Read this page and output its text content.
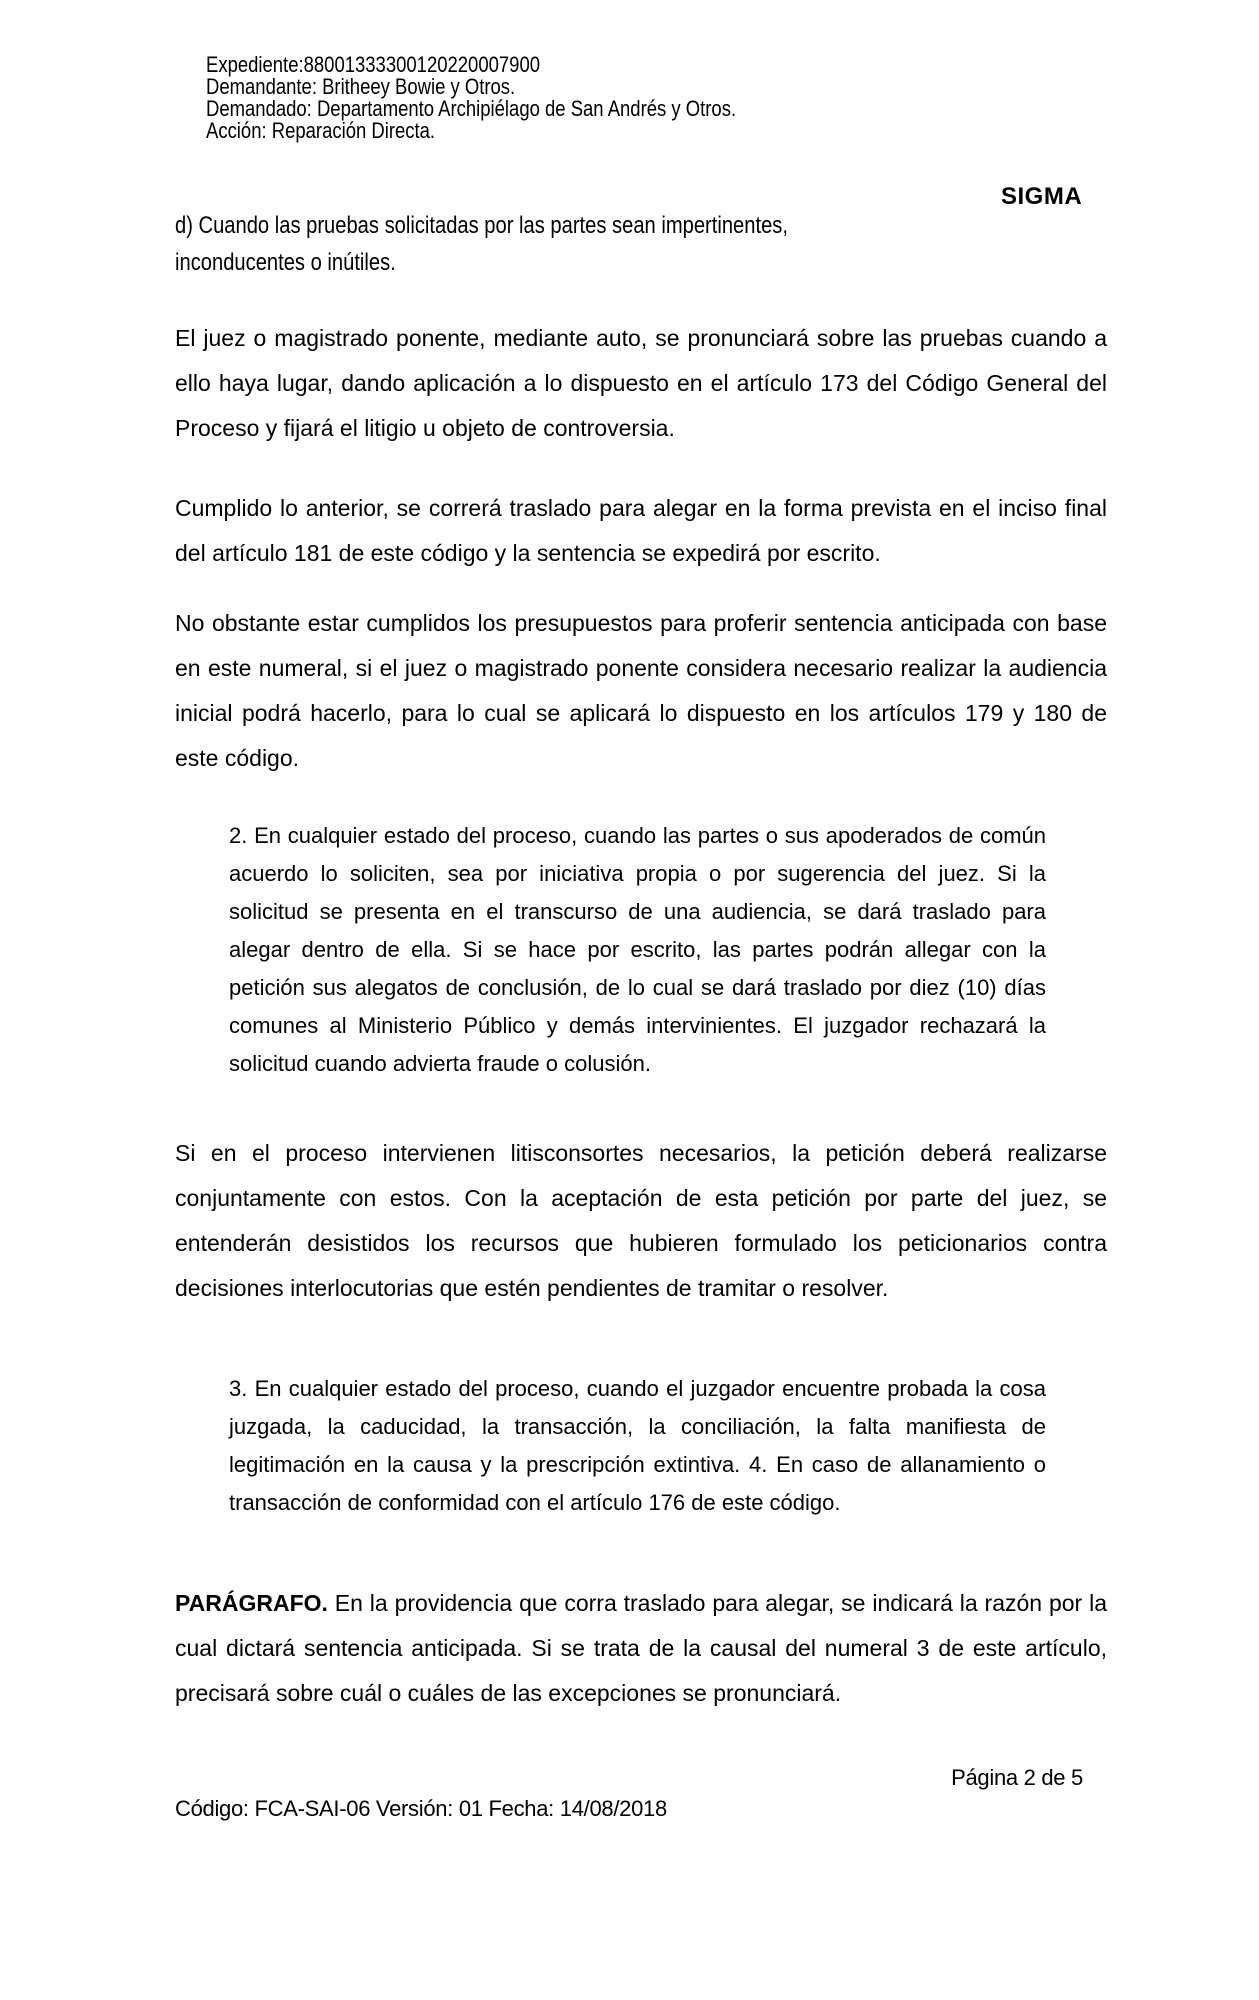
Expediente:88001333300120220007900
Demandante: Britheey Bowie y Otros.
Demandado: Departamento Archipiélago de San Andrés y Otros.
Acción: Reparación Directa.
SIGMA
d) Cuando las pruebas solicitadas por las partes sean impertinentes,
inconducentes o inútiles.

El juez o magistrado ponente, mediante auto, se pronunciará sobre las pruebas cuando a ello haya lugar, dando aplicación a lo dispuesto en el artículo 173 del Código General del Proceso y fijará el litigio u objeto de controversia.

Cumplido lo anterior, se correrá traslado para alegar en la forma prevista en el inciso final del artículo 181 de este código y la sentencia se expedirá por escrito.

No obstante estar cumplidos los presupuestos para proferir sentencia anticipada con base en este numeral, si el juez o magistrado ponente considera necesario realizar la audiencia inicial podrá hacerlo, para lo cual se aplicará lo dispuesto en los artículos 179 y 180 de este código.

2. En cualquier estado del proceso, cuando las partes o sus apoderados de común acuerdo lo soliciten, sea por iniciativa propia o por sugerencia del juez. Si la solicitud se presenta en el transcurso de una audiencia, se dará traslado para alegar dentro de ella. Si se hace por escrito, las partes podrán allegar con la petición sus alegatos de conclusión, de lo cual se dará traslado por diez (10) días comunes al Ministerio Público y demás intervinientes. El juzgador rechazará la solicitud cuando advierta fraude o colusión.

Si en el proceso intervienen litisconsortes necesarios, la petición deberá realizarse conjuntamente con estos. Con la aceptación de esta petición por parte del juez, se entenderán desistidos los recursos que hubieren formulado los peticionarios contra decisiones interlocutorias que estén pendientes de tramitar o resolver.

3. En cualquier estado del proceso, cuando el juzgador encuentre probada la cosa juzgada, la caducidad, la transacción, la conciliación, la falta manifiesta de legitimación en la causa y la prescripción extintiva. 4. En caso de allanamiento o transacción de conformidad con el artículo 176 de este código.

PARÁGRAFO. En la providencia que corra traslado para alegar, se indicará la razón por la cual dictará sentencia anticipada. Si se trata de la causal del numeral 3 de este artículo, precisará sobre cuál o cuáles de las excepciones se pronunciará.

Página 2 de 5
Código: FCA-SAI-06 Versión: 01 Fecha: 14/08/2018
